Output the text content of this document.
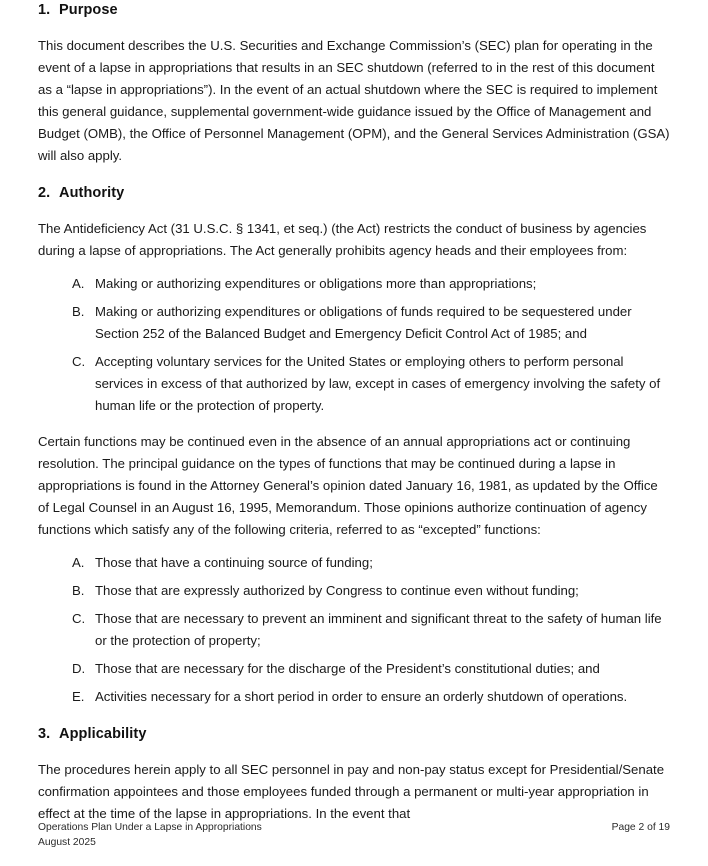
1. Purpose

This document describes the U.S. Securities and Exchange Commission’s (SEC) plan for operating in the event of a lapse in appropriations that results in an SEC shutdown (referred to in the rest of this document as a “lapse in appropriations”). In the event of an actual shutdown where the SEC is required to implement this general guidance, supplemental government-wide guidance issued by the Office of Management and Budget (OMB), the Office of Personnel Management (OPM), and the General Services Administration (GSA) will also apply.

2. Authority

The Antideficiency Act (31 U.S.C. § 1341, et seq.) (the Act) restricts the conduct of business by agencies during a lapse of appropriations. The Act generally prohibits agency heads and their employees from:

A. Making or authorizing expenditures or obligations more than appropriations;
B. Making or authorizing expenditures or obligations of funds required to be sequestered under Section 252 of the Balanced Budget and Emergency Deficit Control Act of 1985; and
C. Accepting voluntary services for the United States or employing others to perform personal services in excess of that authorized by law, except in cases of emergency involving the safety of human life or the protection of property.

Certain functions may be continued even in the absence of an annual appropriations act or continuing resolution. The principal guidance on the types of functions that may be continued during a lapse in appropriations is found in the Attorney General’s opinion dated January 16, 1981, as updated by the Office of Legal Counsel in an August 16, 1995, Memorandum. Those opinions authorize continuation of agency functions which satisfy any of the following criteria, referred to as “excepted” functions:

A. Those that have a continuing source of funding;
B. Those that are expressly authorized by Congress to continue even without funding;
C. Those that are necessary to prevent an imminent and significant threat to the safety of human life or the protection of property;
D. Those that are necessary for the discharge of the President’s constitutional duties; and
E. Activities necessary for a short period in order to ensure an orderly shutdown of operations.
3. Applicability

The procedures herein apply to all SEC personnel in pay and non-pay status except for Presidential/Senate confirmation appointees and those employees funded through a permanent or multi-year appropriation in effect at the time of the lapse in appropriations. In the event that

Operations Plan Under a Lapse in Appropriations
August 2025
Page 2 of 19
